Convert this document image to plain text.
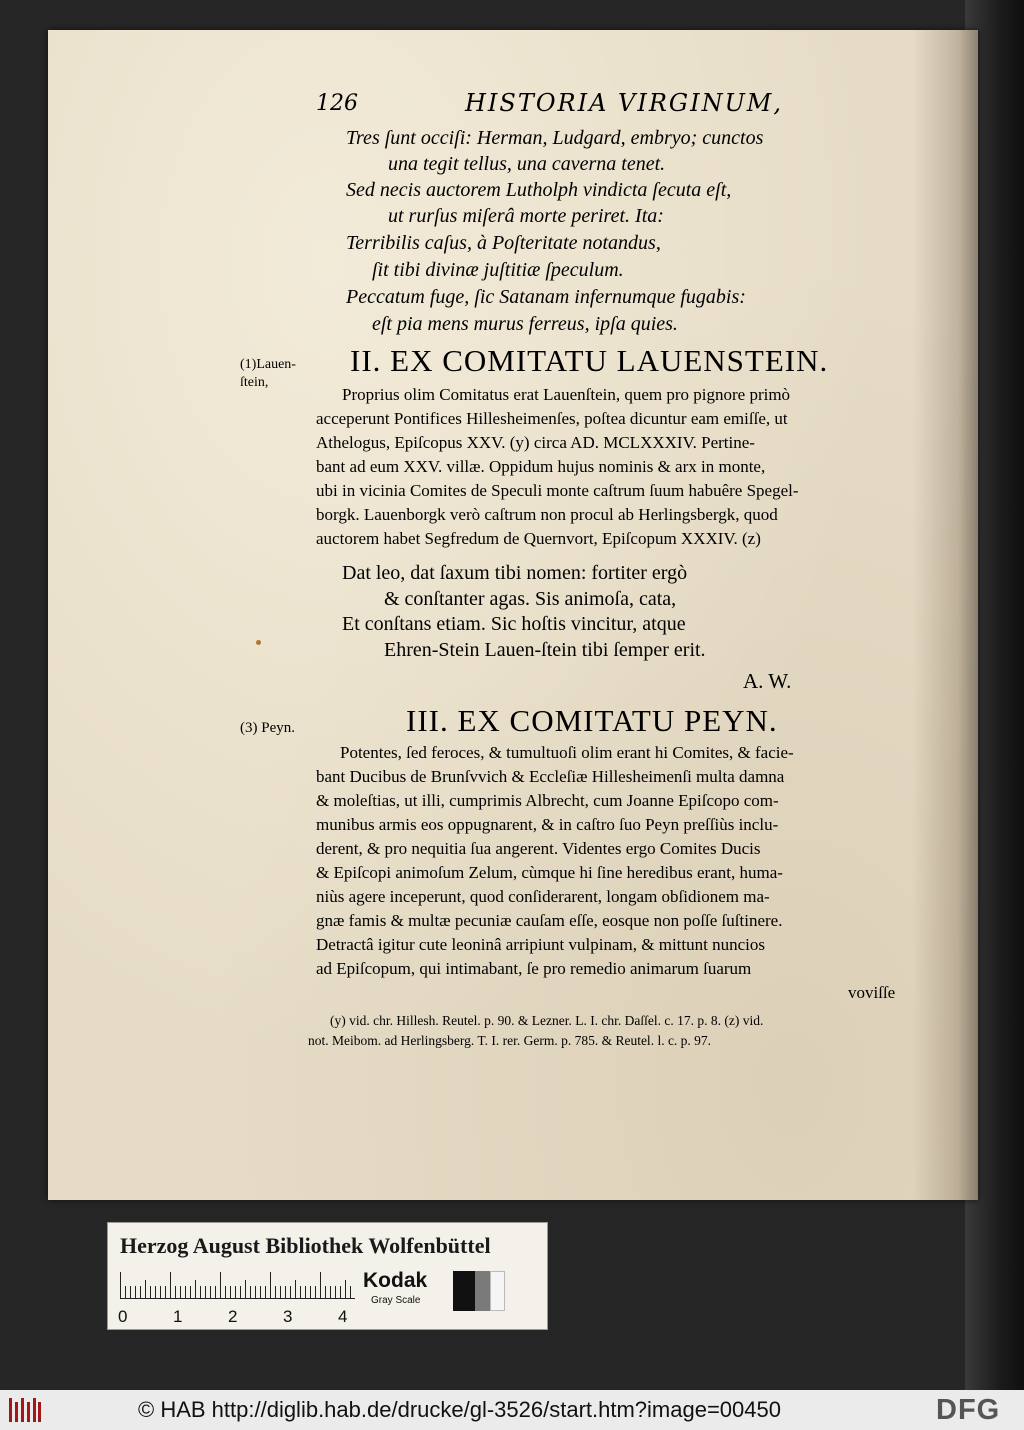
126	HISTORIA VIRGINUM,
Tres ſunt occiſi: Herman, Ludgard, embryo; cunctos
una tegit tellus, una caverna tenet.
Sed necis auctorem Lutholph vindicta ſecuta eſt,
ut rurſus miſerâ morte periret. Ita:
Terribilis caſus, à Poſteritate notandus,
ſit tibi divinæ juſtitiæ ſpeculum.
Peccatum fuge, ſic Satanam infernumque fugabis:
eſt pia mens murus ferreus, ipſa quies.
(1)Lauen-
ſtein,
II. EX COMITATU LAUENSTEIN.
Proprius olim Comitatus erat Lauenſtein, quem pro pignore primò
acceperunt Pontifices Hillesheimenſes, poſtea dicuntur eam emiſſe, ut
Athelogus, Epiſcopus XXV. (y) circa AD. MCLXXXIV. Pertine-
bant ad eum XXV. villæ. Oppidum hujus nominis & arx in monte,
ubi in vicinia Comites de Speculi monte caſtrum ſuum habuêre Spegel-
borgk. Lauenborgk verò caſtrum non procul ab Herlingsbergk, quod
auctorem habet Segfredum de Quernvort, Epiſcopum XXXIV. (z)
Dat leo, dat ſaxum tibi nomen: fortiter ergò
& conſtanter agas. Sis animoſa, cata,
Et conſtans etiam. Sic hoſtis vincitur, atque
Ehren-Stein Lauen-ſtein tibi ſemper erit.
A. W.
(3) Peyn.	III. EX COMITATU PEYN.
Potentes, ſed feroces, & tumultuoſi olim erant hi Comites, & facie-
bant Ducibus de Brunſvvich & Eccleſiæ Hillesheimenſi multa damna
& moleſtias, ut illi, cumprimis Albrecht, cum Joanne Epiſcopo com-
munibus armis eos oppugnarent, & in caſtro ſuo Peyn preſſiùs inclu-
derent, & pro nequitia ſua angerent. Videntes ergo Comites Ducis
& Epiſcopi animoſum Zelum, cùmque hi ſine heredibus erant, huma-
niùs agere inceperunt, quod conſiderarent, longam obſidionem ma-
gnæ famis & multæ pecuniæ cauſam eſſe, eosque non poſſe ſuſtinere.
Detractâ igitur cute leoninâ arripiunt vulpinam, & mittunt nuncios
ad Epiſcopum, qui intimabant, ſe pro remedio animarum ſuarum
voviſſe
(y) vid. chr. Hillesh. Reutel. p. 90. & Lezner. L. I. chr. Daſſel. c. 17. p. 8. (z) vid.
not. Meibom. ad Herlingsberg. T. I. rer. Germ. p. 785. & Reutel. l. c. p. 97.
Herzog August Bibliothek Wolfenbüttel
0	1	2	3	4
Kodak
Gray Scale
© HAB http://diglib.hab.de/drucke/gl-3526/start.htm?image=00450	DFG
